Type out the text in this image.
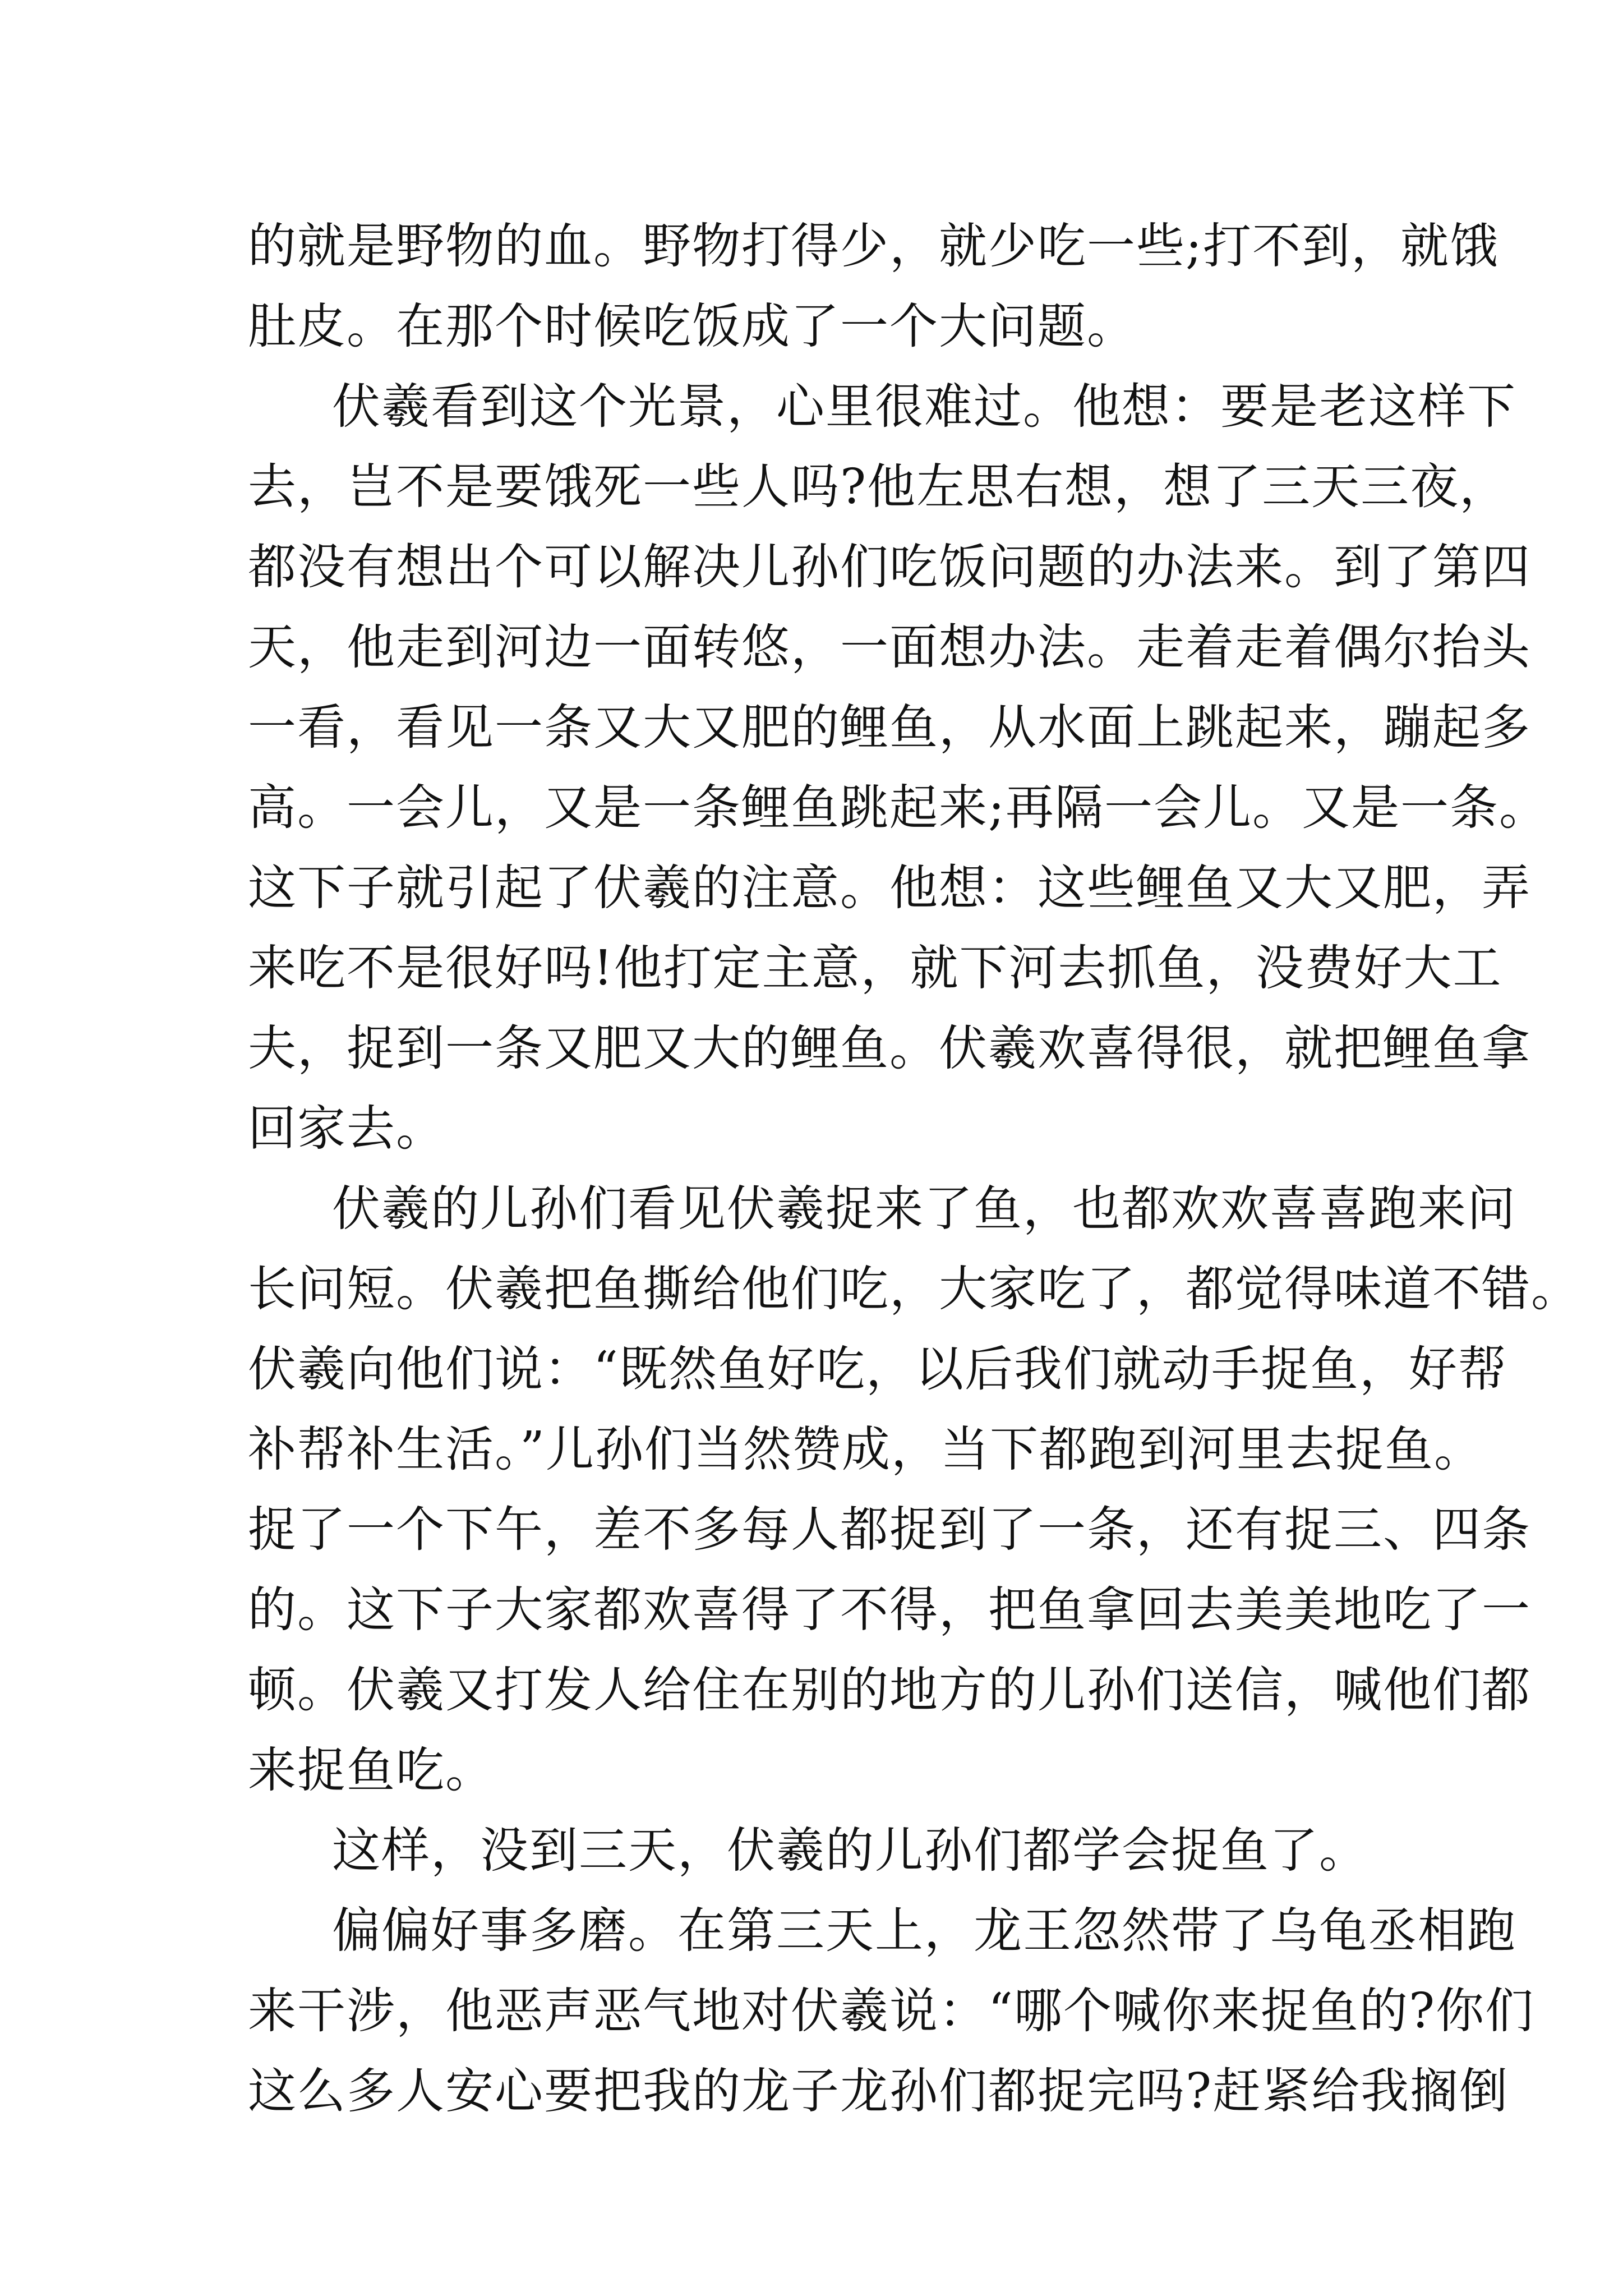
的就是野物的血。野物打得少，就少吃一些;打不到，就饿
肚皮。在那个时候吃饭成了一个大问题。
伏羲看到这个光景，心里很难过。他想：要是老这样下
去，岂不是要饿死一些人吗?他左思右想，想了三天三夜，
都没有想出个可以解决儿孙们吃饭问题的办法来。到了第四
天，他走到河边一面转悠，一面想办法。走着走着偶尔抬头
一看，看见一条又大又肥的鲤鱼，从水面上跳起来，蹦起多
高。一会儿，又是一条鲤鱼跳起来;再隔一会儿。又是一条。
这下子就引起了伏羲的注意。他想：这些鲤鱼又大又肥，弄
来吃不是很好吗!他打定主意，就下河去抓鱼，没费好大工
夫，捉到一条又肥又大的鲤鱼。伏羲欢喜得很，就把鲤鱼拿
回家去。
伏羲的儿孙们看见伏羲捉来了鱼，也都欢欢喜喜跑来问
长问短。伏羲把鱼撕给他们吃，大家吃了，都觉得味道不错。
伏羲向他们说：“既然鱼好吃，以后我们就动手捉鱼，好帮
补帮补生活。”儿孙们当然赞成，当下都跑到河里去捉鱼。
捉了一个下午，差不多每人都捉到了一条，还有捉三、四条
的。这下子大家都欢喜得了不得，把鱼拿回去美美地吃了一
顿。伏羲又打发人给住在别的地方的儿孙们送信，喊他们都
来捉鱼吃。
这样，没到三天，伏羲的儿孙们都学会捉鱼了。
偏偏好事多磨。在第三天上，龙王忽然带了乌龟丞相跑
来干涉，他恶声恶气地对伏羲说：“哪个喊你来捉鱼的?你们
这么多人安心要把我的龙子龙孙们都捉完吗?赶紧给我搁倒
